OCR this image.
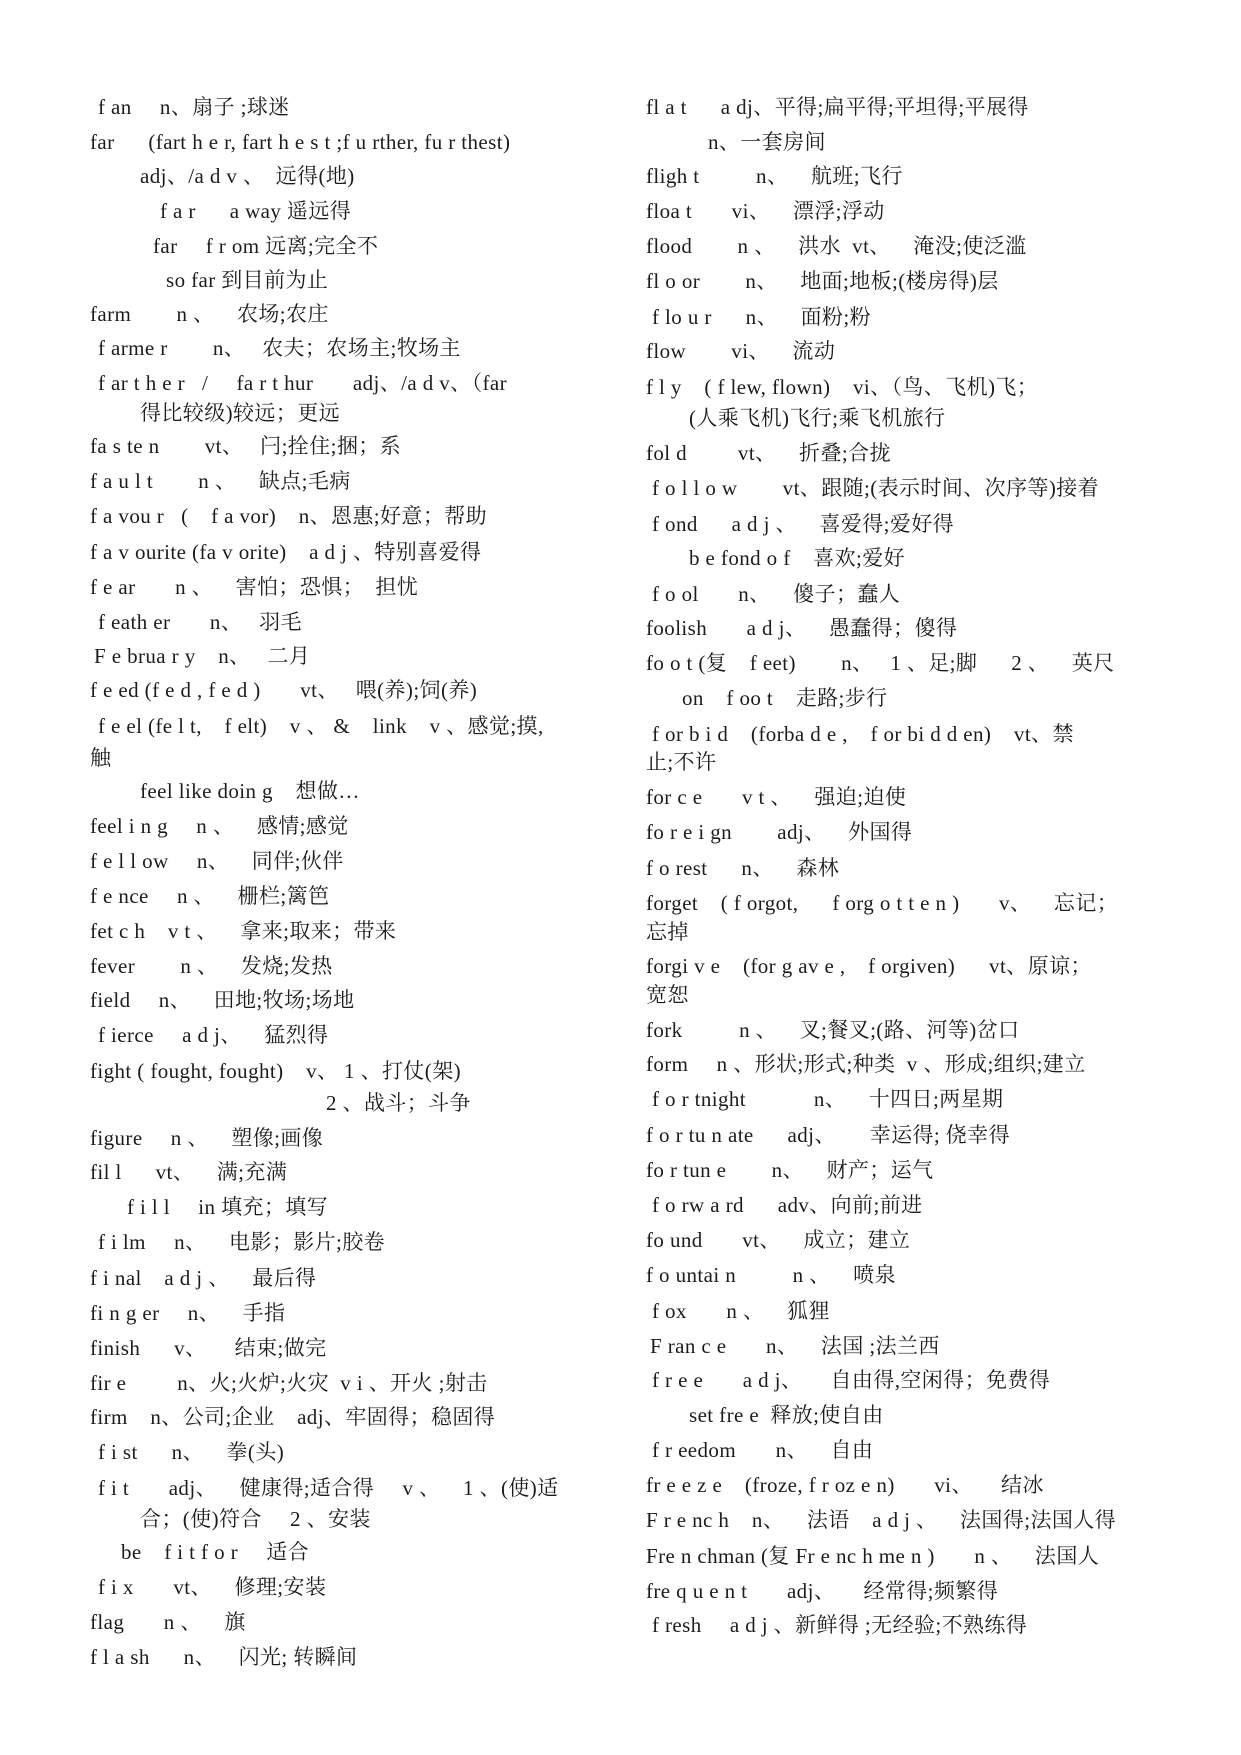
f an     n、扇子 ;球迷
far      (fart h e r, fart h e s t ;f u rther, fu r thest)
adj、/a d v 、  远得(地)
f a r      a way 遥远得
far     f r om 远离;完全不
so far 到目前为止
farm        n 、    农场;农庄
f arme r        n、   农夫；农场主;牧场主
f ar t h e r   /     fa r t hur       adj、/a d v、（far
得比较级)较远；更远
fa s te n        vt、   闩;拴住;捆；系
f a u l t        n 、    缺点;毛病
f a vou r   (    f a vor)    n、恩惠;好意；帮助
f a v ourite (fa v orite)    a d j 、特别喜爱得
f e ar       n 、    害怕；恐惧；  担忧
f eath er       n、   羽毛
F e brua r y    n、   二月
f e ed (f e d , f e d )       vt、   喂(养);饲(养)
f e el (fe l t,    f elt)    v 、 &    link    v 、感觉;摸,
触
feel like doin g    想做…
feel i n g     n 、    感情;感觉
f e l l ow     n、    同伴;伙伴
f e nce     n 、    栅栏;篱笆
fet c h    v t 、    拿来;取来；带来
fever        n 、    发烧;发热
field     n、    田地;牧场;场地
f ierce     a d j、    猛烈得
fight ( fought, fought)    v、 1 、打仗(架)
2 、战斗；斗争
figure     n 、    塑像;画像
fil l      vt、    满;充满
f i l l     in 填充；填写
f i lm     n、    电影；影片;胶卷
f i nal    a d j 、    最后得
fi n g er     n、    手指
finish      v、     结束;做完
fir e         n、火;火炉;火灾  v i 、开火 ;射击
firm    n、公司;企业    adj、牢固得；稳固得
f i st      n、    拳(头)
f i t       adj、    健康得;适合得     v 、    1 、(使)适
合；(使)符合     2 、安装
be    f i t f o r     适合
f i x       vt、    修理;安装
flag       n 、    旗
f l a sh      n、    闪光; 转瞬间
fl a t      a dj、平得;扁平得;平坦得;平展得
n、一套房间
fligh t          n、    航班;飞行
floa t       vi、    漂浮;浮动
flood        n 、    洪水  vt、    淹没;使泛滥
fl o or        n、    地面;地板;(楼房得)层
f lo u r      n、    面粉;粉
flow        vi、    流动
f l y    ( f lew, flown)    vi、（鸟、飞机)飞；
(人乘飞机)飞行;乘飞机旅行
fol d         vt、    折叠;合拢
f o l l o w        vt、跟随;(表示时间、次序等)接着
f ond      a d j 、    喜爱得;爱好得
b e fond o f    喜欢;爱好
f o ol       n、    傻子；蠢人
foolish       a d j、    愚蠢得；傻得
fo o t (复    f eet)        n、   1 、足;脚      2 、    英尺
on    f oo t    走路;步行
f or b i d    (forba d e ,    f or bi d d en)    vt、禁
止;不许
for c e       v t 、    强迫;迫使
fo r e i gn        adj、    外国得
f o rest      n、    森林
forget    ( f orgot,      f org o t t e n )       v、    忘记；
忘掉
forgi v e    (for g av e ,    f orgiven)      vt、原谅；
宽恕
fork          n 、    叉;餐叉;(路、河等)岔口
form     n 、形状;形式;种类  v 、形成;组织;建立
f o r tnight            n、    十四日;两星期
f o r tu n ate      adj、      幸运得; 侥幸得
fo r tun e        n、    财产；运气
f o rw a rd      adv、向前;前进
fo und       vt、    成立；建立
f o untai n          n 、    喷泉
f ox       n 、    狐狸
F ran c e       n、    法国 ;法兰西
f r e e       a d j、     自由得,空闲得；免费得
set fre e  释放;使自由
f r eedom       n、    自由
fr e e z e    (froze, f r oz e n)       vi、     结冰
F r e nc h    n、    法语    a d j 、    法国得;法国人得
Fre n chman (复 Fr e nc h me n )       n 、    法国人
fre q u e n t       adj、     经常得;频繁得
f resh     a d j 、新鲜得 ;无经验;不熟练得
